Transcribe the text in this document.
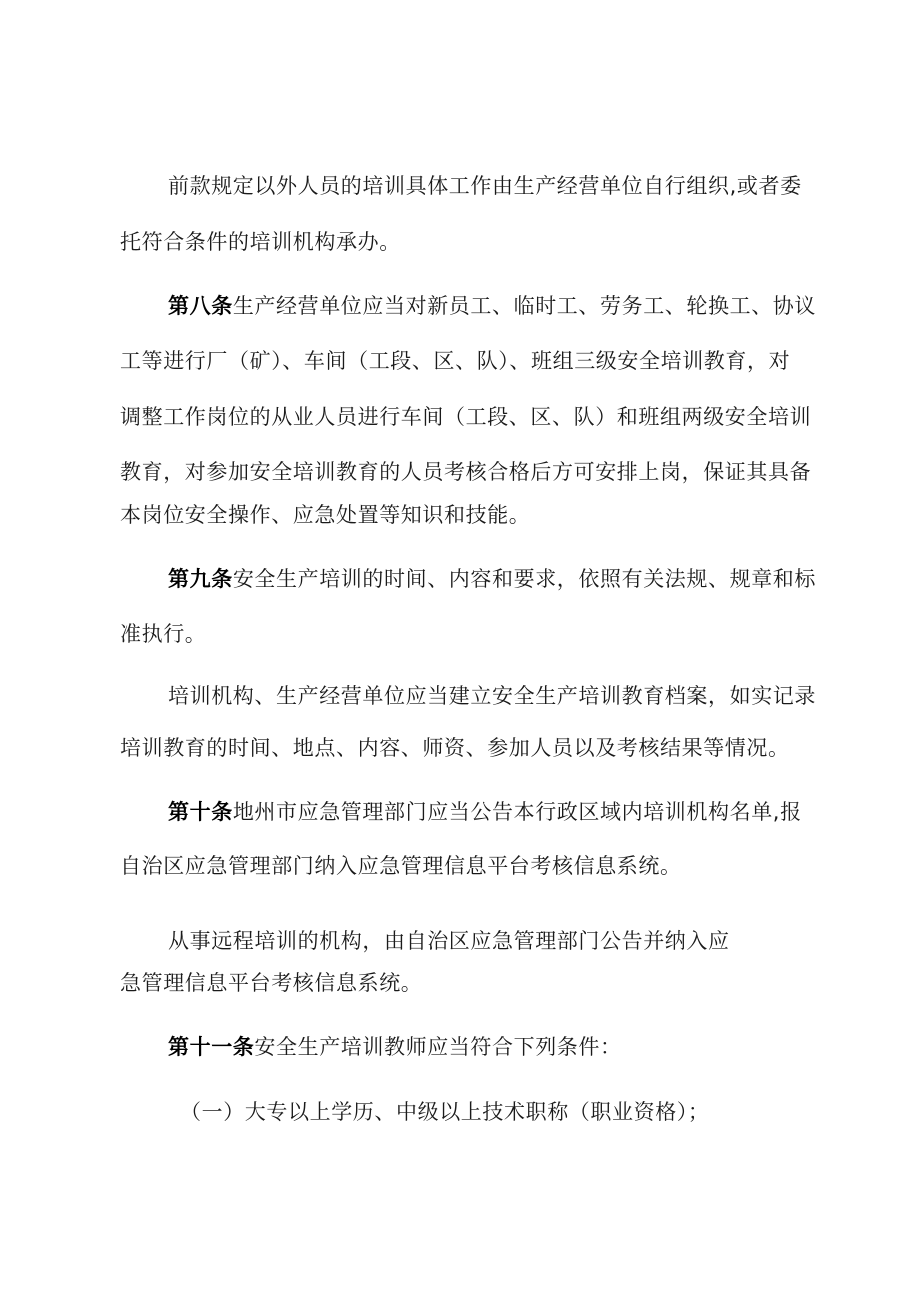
前款规定以外人员的培训具体工作由生产经营单位自行组织,或者委

托符合条件的培训机构承办。

第八条生产经营单位应当对新员工、临时工、劳务工、轮换工、协议

工等进行厂（矿）、车间（工段、区、队）、班组三级安全培训教育，对

调整工作岗位的从业人员进行车间（工段、区、队）和班组两级安全培训

教育，对参加安全培训教育的人员考核合格后方可安排上岗，保证其具备

本岗位安全操作、应急处置等知识和技能。

第九条安全生产培训的时间、内容和要求，依照有关法规、规章和标

准执行。

培训机构、生产经营单位应当建立安全生产培训教育档案，如实记录

培训教育的时间、地点、内容、师资、参加人员以及考核结果等情况。

第十条地州市应急管理部门应当公告本行政区域内培训机构名单,报

自治区应急管理部门纳入应急管理信息平台考核信息系统。

从事远程培训的机构，由自治区应急管理部门公告并纳入应

急管理信息平台考核信息系统。

第十一条安全生产培训教师应当符合下列条件：

（一）大专以上学历、中级以上技术职称（职业资格）；
